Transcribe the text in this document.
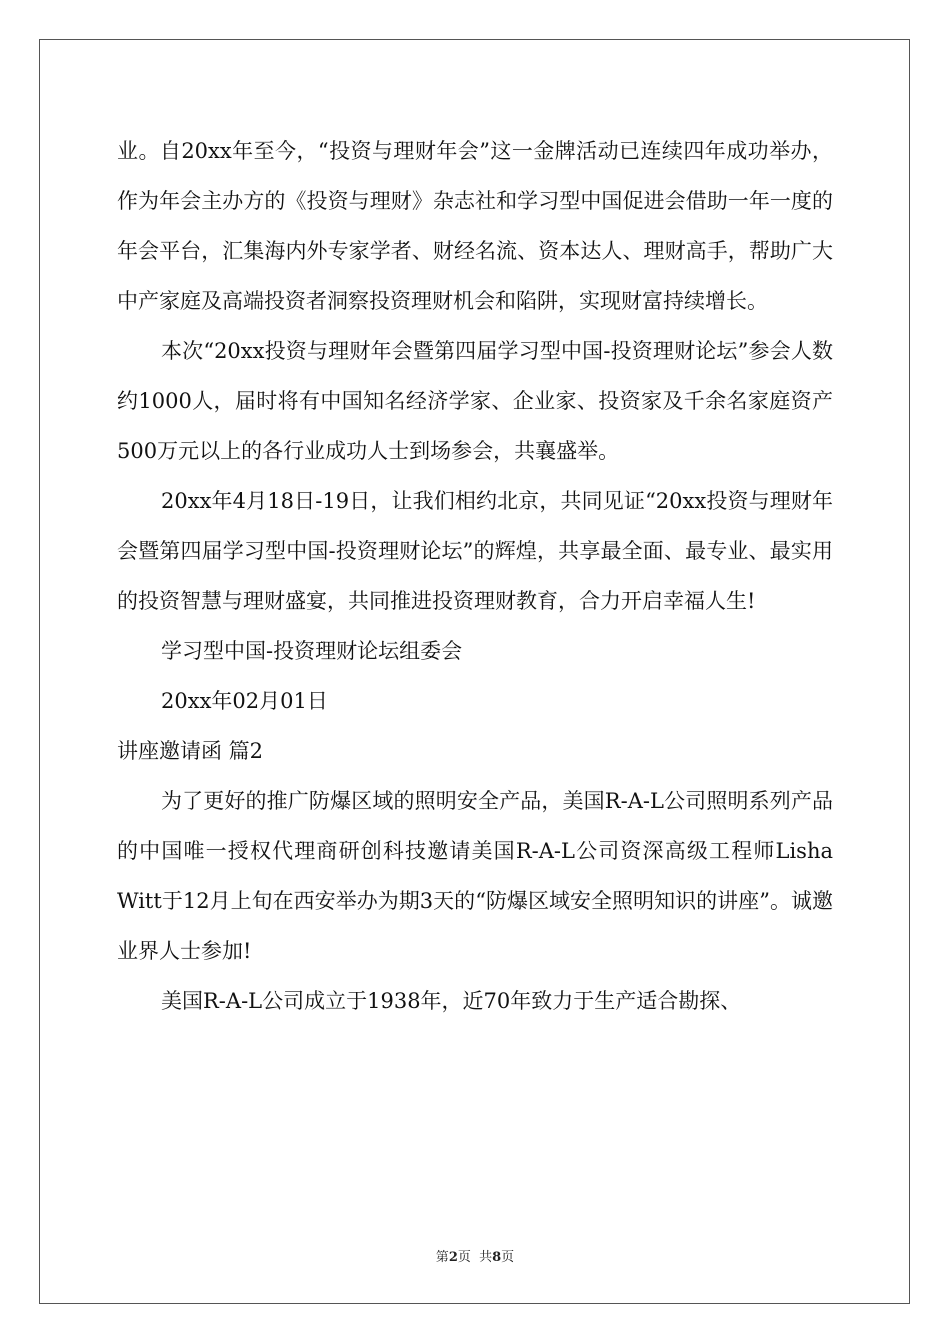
业。自20xx年至今，“投资与理财年会”这一金牌活动已连续四年成功举办，作为年会主办方的《投资与理财》杂志社和学习型中国促进会借助一年一度的年会平台，汇集海内外专家学者、财经名流、资本达人、理财高手，帮助广大中产家庭及高端投资者洞察投资理财机会和陷阱，实现财富持续增长。

本次“20xx投资与理财年会暨第四届学习型中国-投资理财论坛”参会人数约1000人，届时将有中国知名经济学家、企业家、投资家及千余名家庭资产500万元以上的各行业成功人士到场参会，共襄盛举。

20xx年4月18日-19日，让我们相约北京，共同见证“20xx投资与理财年会暨第四届学习型中国-投资理财论坛”的辉煌，共享最全面、最专业、最实用的投资智慧与理财盛宴，共同推进投资理财教育，合力开启幸福人生!

学习型中国-投资理财论坛组委会

20xx年02月01日

讲座邀请函 篇2

为了更好的推广防爆区域的照明安全产品，美国R-A-L公司照明系列产品的中国唯一授权代理商研创科技邀请美国R-A-L公司资深高级工程师Lisha Witt于12月上旬在西安举办为期3天的“防爆区域安全照明知识的讲座”。诚邀业界人士参加!

美国R-A-L公司成立于1938年，近70年致力于生产适合勘探、

第2页  共8页
